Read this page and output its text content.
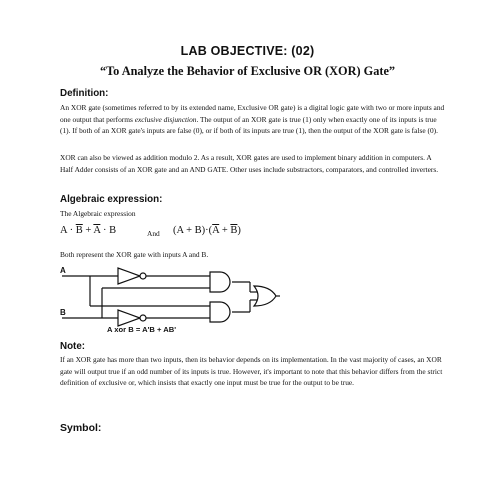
LAB OBJECTIVE: (02)
“To Analyze the Behavior of Exclusive OR (XOR) Gate”
Definition:

An XOR gate (sometimes referred to by its extended name, Exclusive OR gate) is a digital logic gate with two or more inputs and one output that performs exclusive disjunction. The output of an XOR gate is true (1) only when exactly one of its inputs is true (1). If both of an XOR gate's inputs are false (0), or if both of its inputs are true (1), then the output of the XOR gate is false (0).

XOR can also be viewed as addition modulo 2. As a result, XOR gates are used to implement binary addition in computers. A Half Adder consists of an XOR gate and an AND GATE. Other uses include substractors, comparators, and controlled inverters.

Algebraic expression:
The Algebraic expression
$A \cdot \overline{B} + \overline{A} \cdot B$	And $(A + B)\cdot(\overline{A} + \overline{B})$
Both represent the XOR gate with inputs A and B.
A
B
A xor B = A'B + AB'
Note:

If an XOR gate has more than two inputs, then its behavior depends on its implementation. In the vast majority of cases, an XOR gate will output true if an odd number of its inputs is true. However, it's important to note that this behavior differs from the strict definition of exclusive or, which insists that exactly one input must be true for the output to be true.

Symbol:
